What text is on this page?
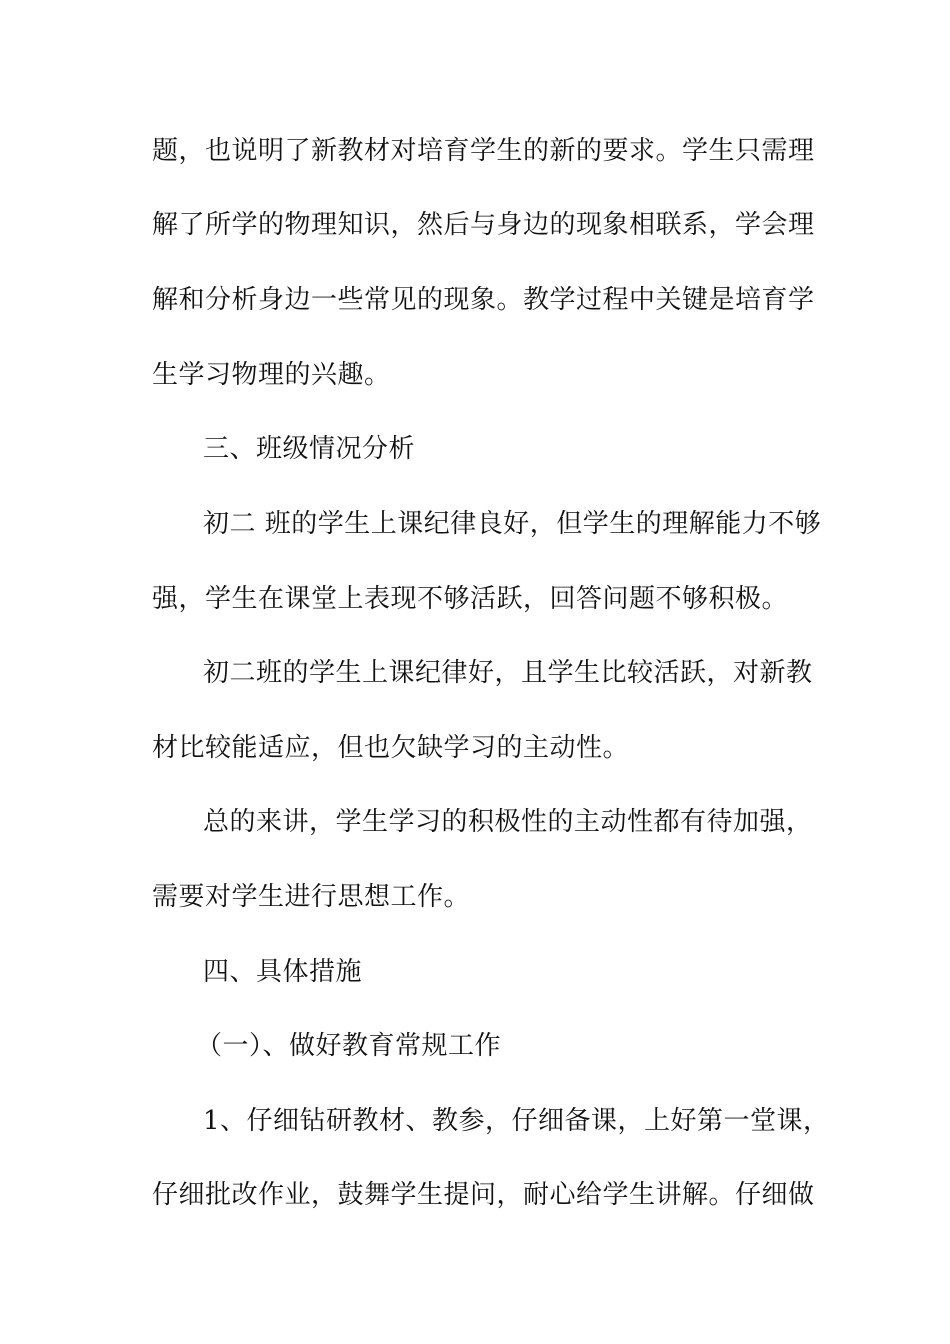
题，也说明了新教材对培育学生的新的要求。学生只需理
解了所学的物理知识，然后与身边的现象相联系，学会理
解和分析身边一些常见的现象。教学过程中关键是培育学
生学习物理的兴趣。
三、班级情况分析
初二 班的学生上课纪律良好，但学生的理解能力不够
强，学生在课堂上表现不够活跃，回答问题不够积极。
初二班的学生上课纪律好，且学生比较活跃，对新教
材比较能适应，但也欠缺学习的主动性。
总的来讲，学生学习的积极性的主动性都有待加强，
需要对学生进行思想工作。
四、具体措施
（一）、做好教育常规工作
1、仔细钻研教材、教参，仔细备课，上好第一堂课，
仔细批改作业，鼓舞学生提问，耐心给学生讲解。仔细做
